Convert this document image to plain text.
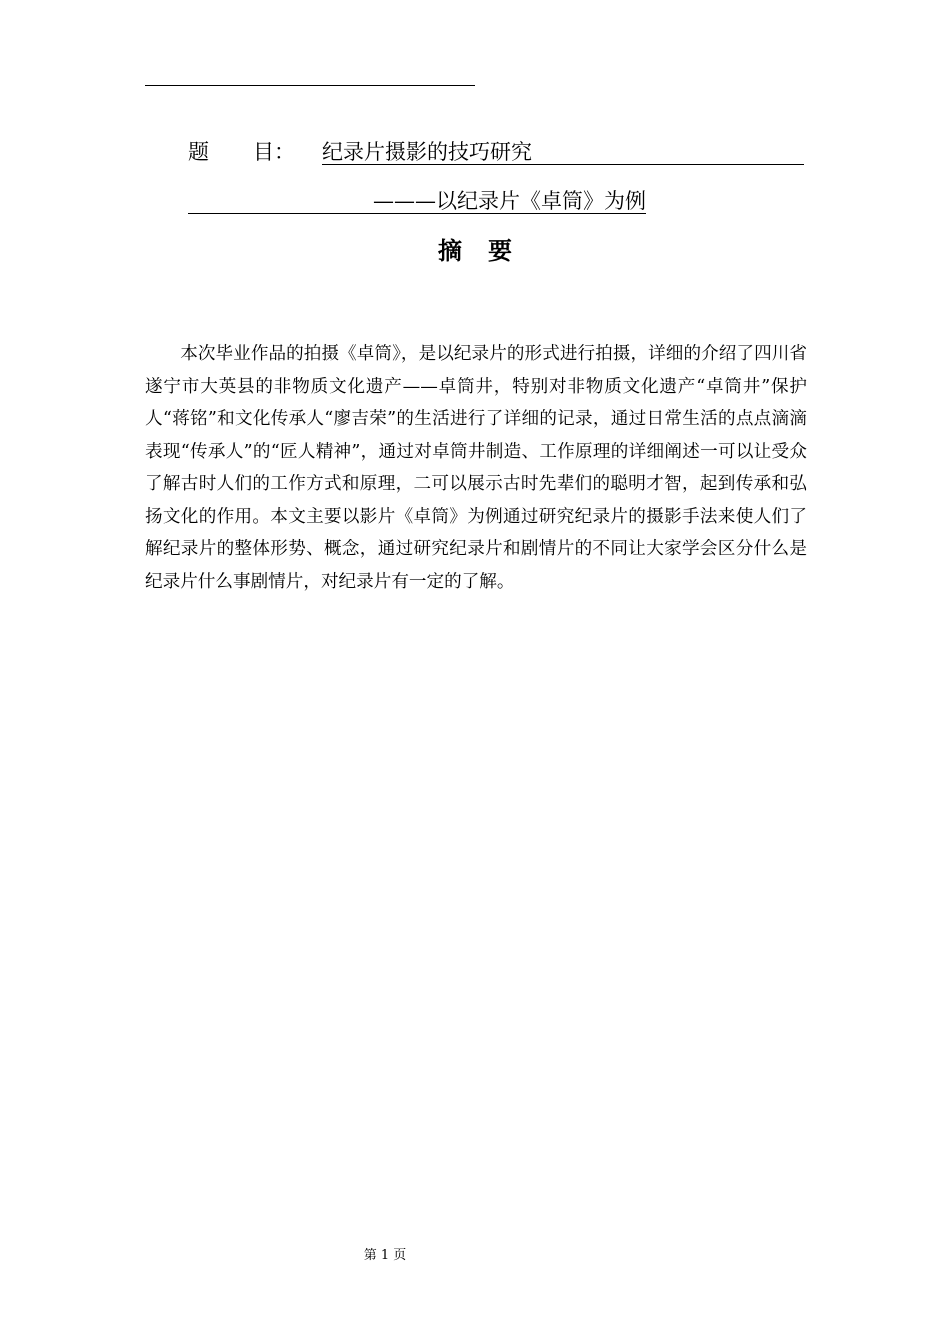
题 目： 纪录片摄影的技巧研究
———以纪录片《卓筒》为例
摘要

本次毕业作品的拍摄《卓筒》，是以纪录片的形式进行拍摄，详细的介绍了四川省遂宁市大英县的非物质文化遗产——卓筒井，特别对非物质文化遗产“卓筒井”保护人“蒋铭”和文化传承人“廖吉荣”的生活进行了详细的记录，通过日常生活的点点滴滴表现“传承人”的“匠人精神”，通过对卓筒井制造、工作原理的详细阐述一可以让受众了解古时人们的工作方式和原理，二可以展示古时先辈们的聪明才智，起到传承和弘扬文化的作用。本文主要以影片《卓筒》为例通过研究纪录片的摄影手法来使人们了解纪录片的整体形势、概念，通过研究纪录片和剧情片的不同让大家学会区分什么是纪录片什么事剧情片，对纪录片有一定的了解。

第 1 页
